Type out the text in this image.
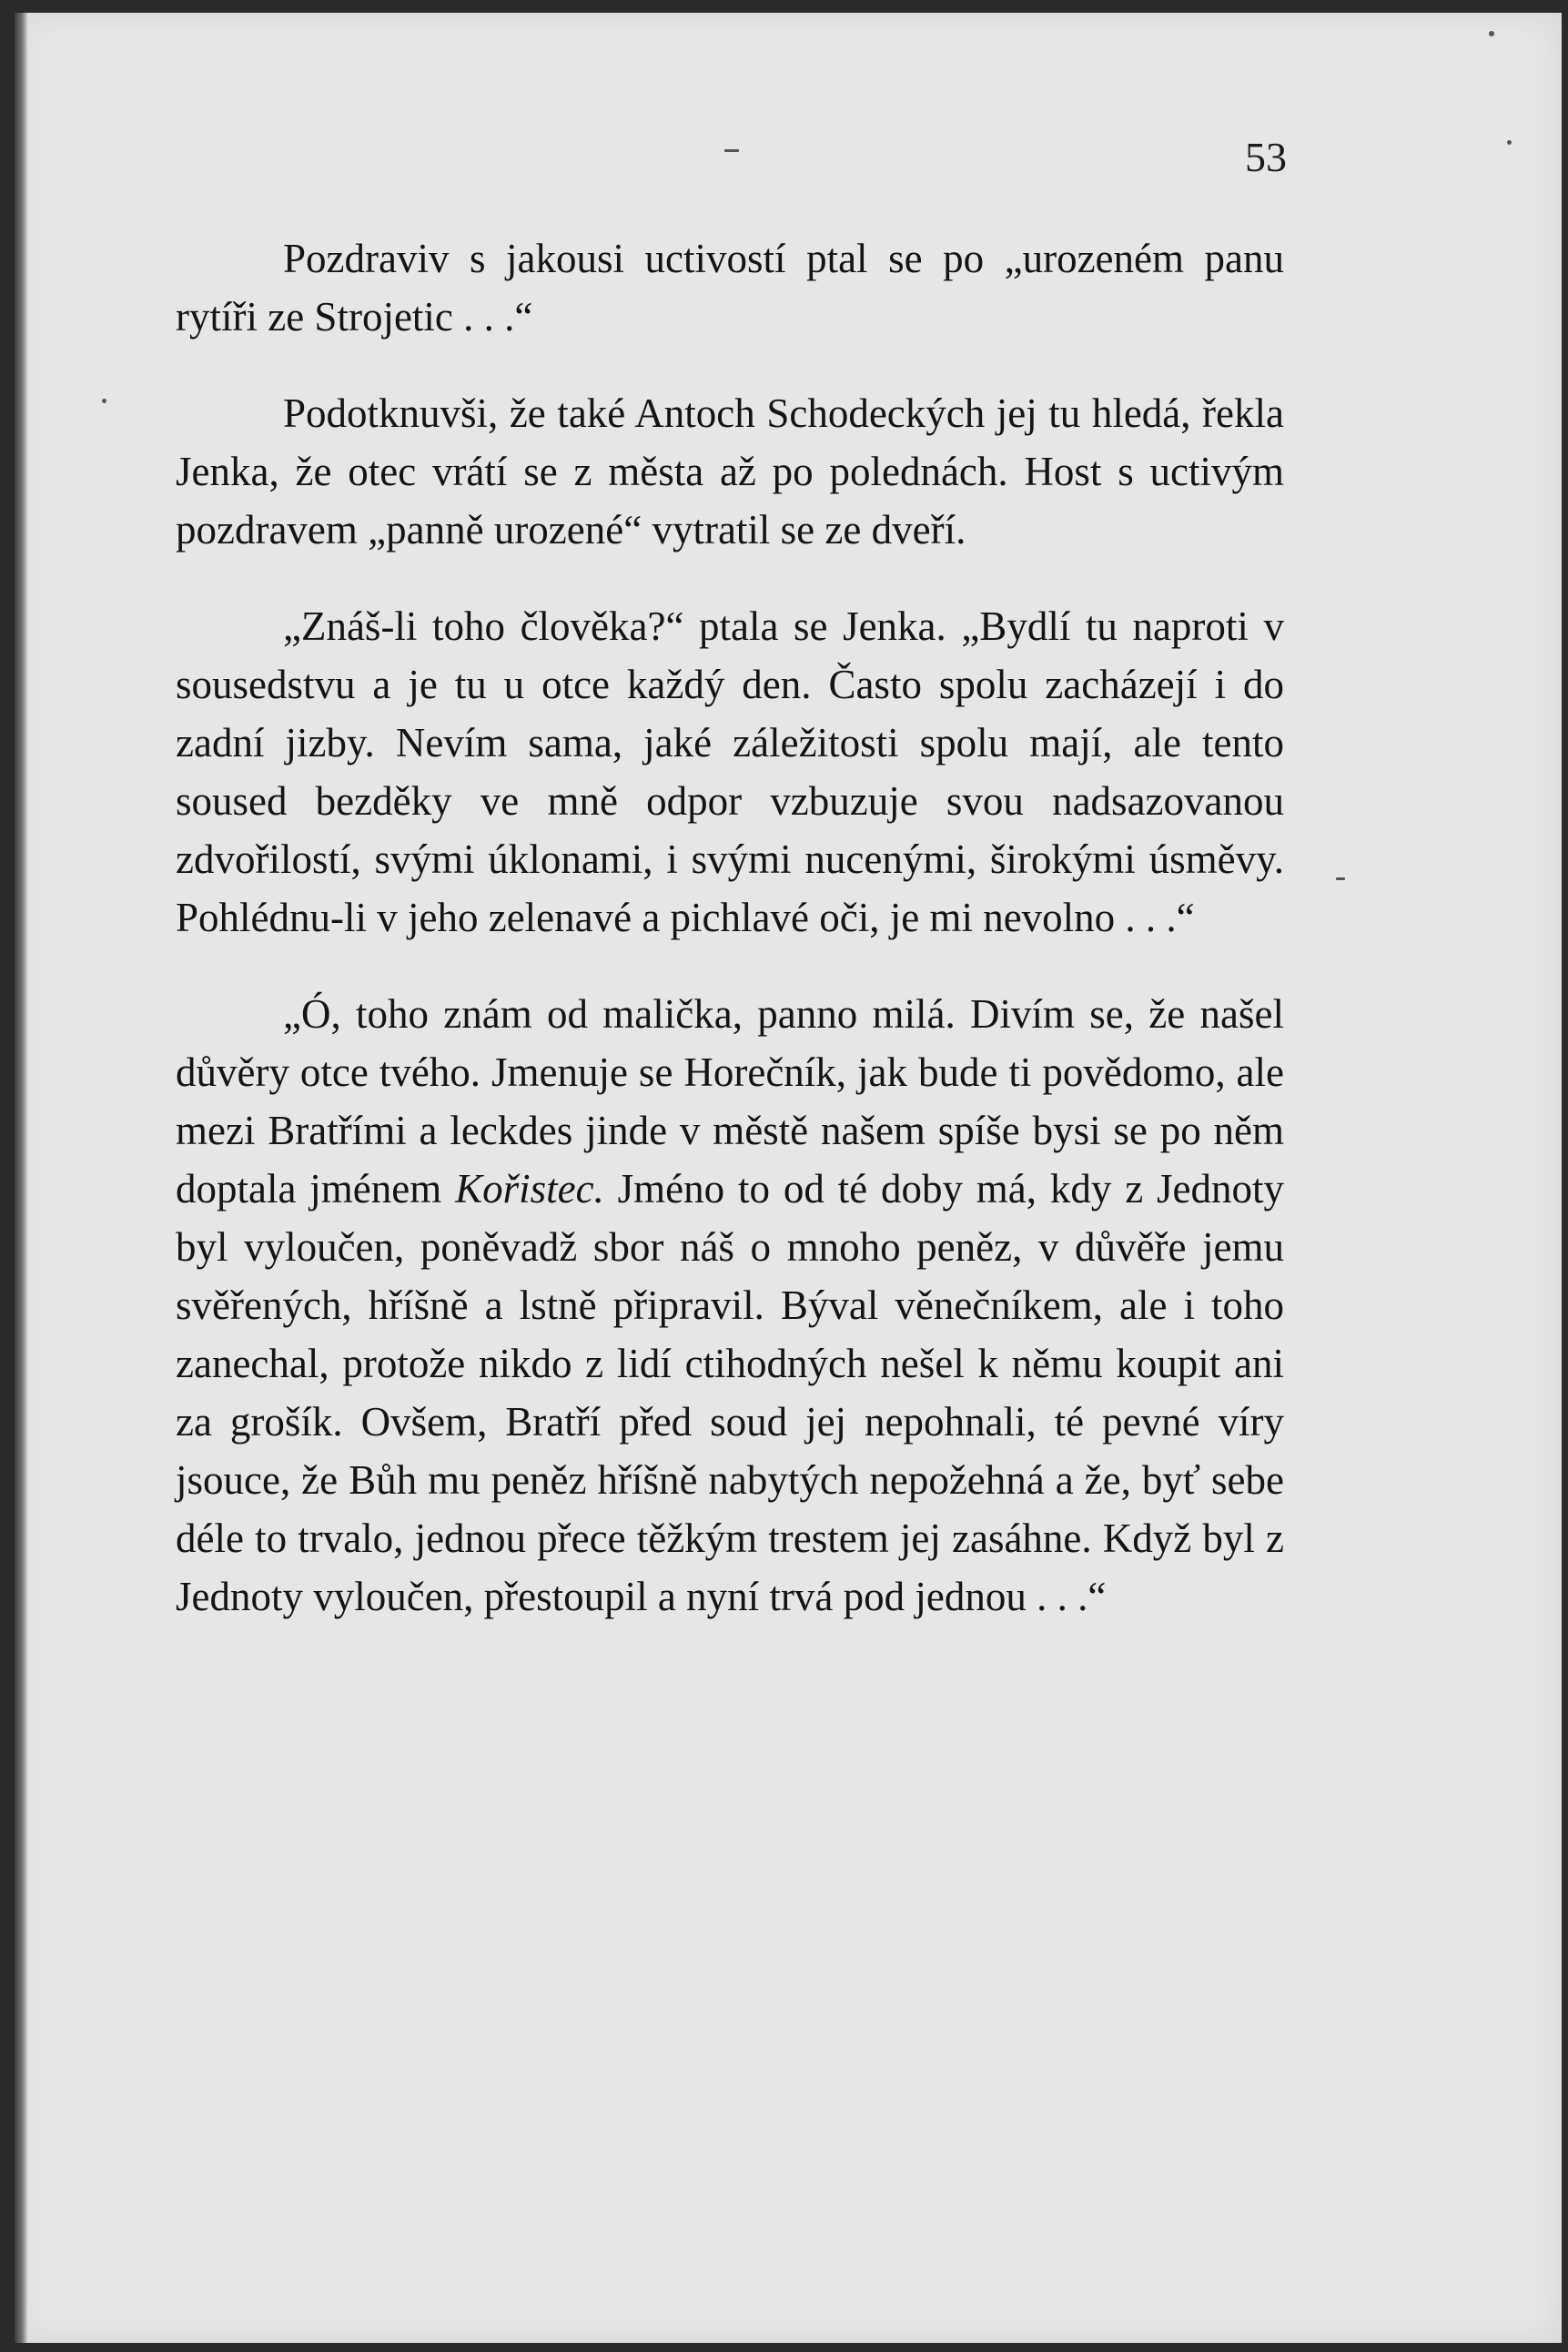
53

Pozdraviv s jakousi uctivostí ptal se po „urozeném panu rytíři ze Strojetic . . .“

Podotknuvši, že také Antoch Schodeckých jej tu hledá, řekla Jenka, že otec vrátí se z města až po polednách. Host s uctivým pozdravem „panně urozené“ vytratil se ze dveří.

„Znáš-li toho člověka?“ ptala se Jenka. „Bydlí tu naproti v sousedstvu a je tu u otce každý den. Často spolu zacházejí i do zadní jizby. Nevím sama, jaké záležitosti spolu mají, ale tento soused bezděky ve mně odpor vzbuzuje svou nadsazovanou zdvořilostí, svými úklonami, i svými nucenými, širokými úsměvy. Pohlédnu-li v jeho zelenavé a pichlavé oči, je mi nevolno . . .“

„Ó, toho znám od malička, panno milá. Divím se, že našel důvěry otce tvého. Jmenuje se Horečník, jak bude ti povědomo, ale mezi Bratřími a leckdes jinde v městě našem spíše bysi se po něm doptala jménem Kořistec. Jméno to od té doby má, kdy z Jednoty byl vyloučen, poněvadž sbor náš o mnoho peněz, v důvěře jemu svěřených, hříšně a lstně připravil. Býval věnečníkem, ale i toho zanechal, protože nikdo z lidí ctihodných nešel k němu koupit ani za grošík. Ovšem, Bratří před soud jej nepohnali, té pevné víry jsouce, že Bůh mu peněz hříšně nabytých nepožehná a že, byť sebe déle to trvalo, jednou přece těžkým trestem jej zasáhne. Když byl z Jednoty vyloučen, přestoupil a nyní trvá pod jednou . . .“
